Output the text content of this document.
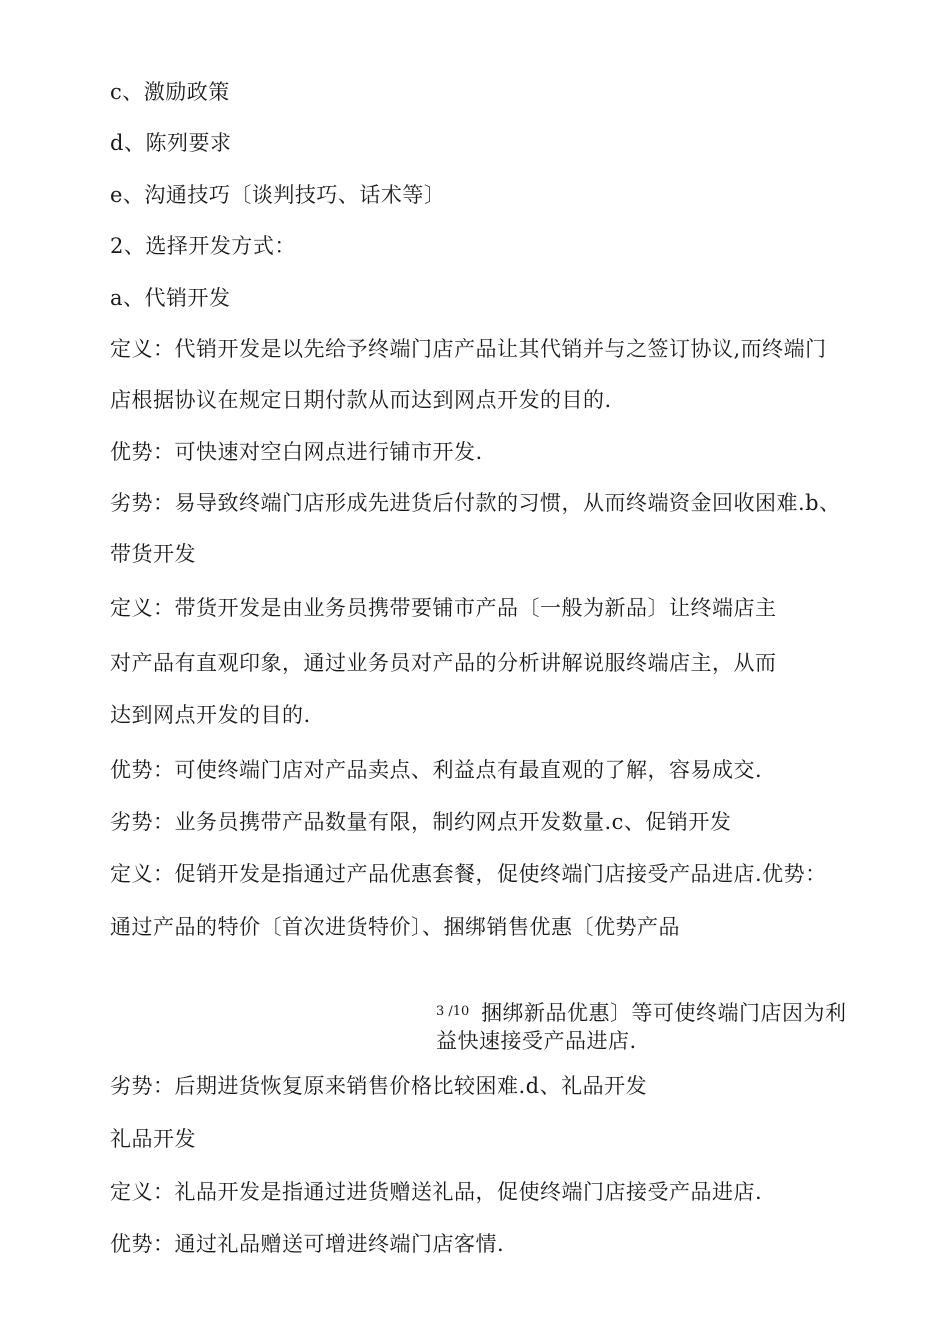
c、激励政策
d、陈列要求
e、沟通技巧〔谈判技巧、话术等〕
2、选择开发方式：
a、代销开发
定义：代销开发是以先给予终端门店产品让其代销并与之签订协议,而终端门
店根据协议在规定日期付款从而达到网点开发的目的.
优势：可快速对空白网点进行铺市开发.
劣势：易导致终端门店形成先进货后付款的习惯，从而终端资金回收困难.b、
带货开发
定义：带货开发是由业务员携带要铺市产品〔一般为新品〕让终端店主
对产品有直观印象，通过业务员对产品的分析讲解说服终端店主，从而
达到网点开发的目的.
优势：可使终端门店对产品卖点、利益点有最直观的了解，容易成交.
劣势：业务员携带产品数量有限，制约网点开发数量.c、促销开发
定义：促销开发是指通过产品优惠套餐，促使终端门店接受产品进店.优势：
通过产品的特价〔首次进货特价〕、捆绑销售优惠〔优势产品
3 /10 捆绑新品优惠〕等可使终端门店因为利
益快速接受产品进店.
劣势：后期进货恢复原来销售价格比较困难.d、礼品开发
礼品开发
定义：礼品开发是指通过进货赠送礼品，促使终端门店接受产品进店.
优势：通过礼品赠送可增进终端门店客情.
